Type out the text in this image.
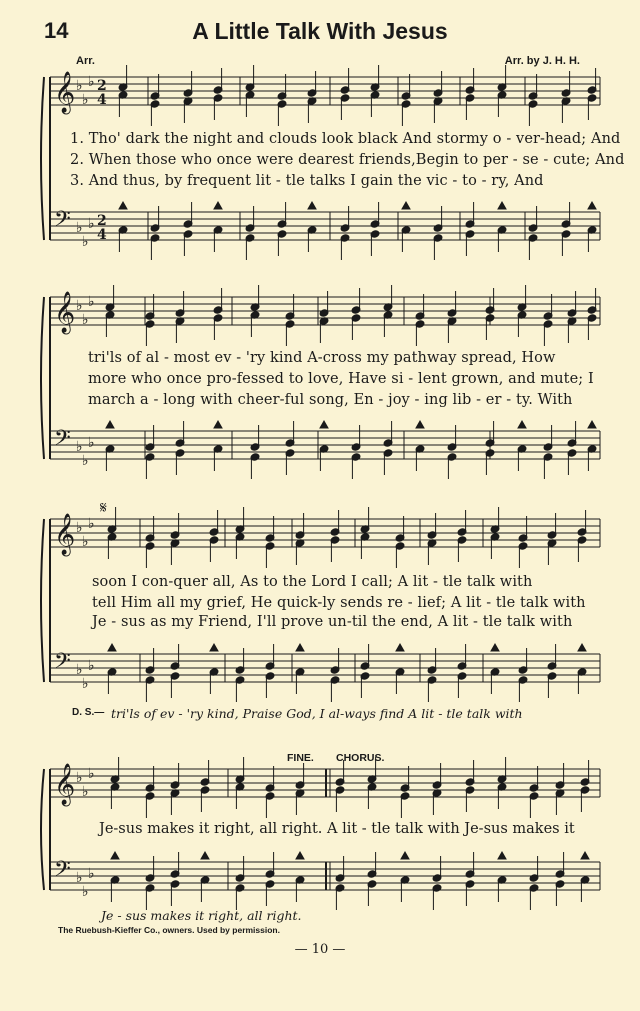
14	A Little Talk With Jesus
Arr.	Arr. by J. H. H.
𝄞 ♭
♭
♭ 2
4
𝄢 ♭
♭
♭ 2
4
𝄞 ♭
♭
♭
𝄢 ♭
♭
♭
𝄞 ♭
♭
♭
𝄢 ♭
♭
♭
𝄞 ♭
♭
♭
𝄢 ♭
♭
♭
1. Tho' dark the night and clouds look black And stormy o - ver-head; And
2. When those who once were dearest friends,Begin to per - se - cute; And
3. And thus, by frequent lit - tle talks I gain the vic - to - ry, And
tri'ls of al - most ev - 'ry kind A-cross my pathway spread, How
more who once pro-fessed to love, Have si - lent grown, and mute; I
march a - long with cheer-ful song, En - joy - ing lib - er - ty. With
𝄋
soon I con-quer all, As to the Lord I call; A lit - tle talk with
tell Him all my grief, He quick-ly sends re - lief; A lit - tle talk with
Je - sus as my Friend, I'll prove un-til the end, A lit - tle talk with
D. S.— tri'ls of ev - 'ry kind, Praise God, I al-ways find A lit - tle talk with
FINE. CHORUS.
Je-sus makes it right, all right. A lit - tle talk with Je-sus makes it
Je - sus makes it right, all right.
The Ruebush-Kieffer Co., owners. Used by permission.
— 10 —
